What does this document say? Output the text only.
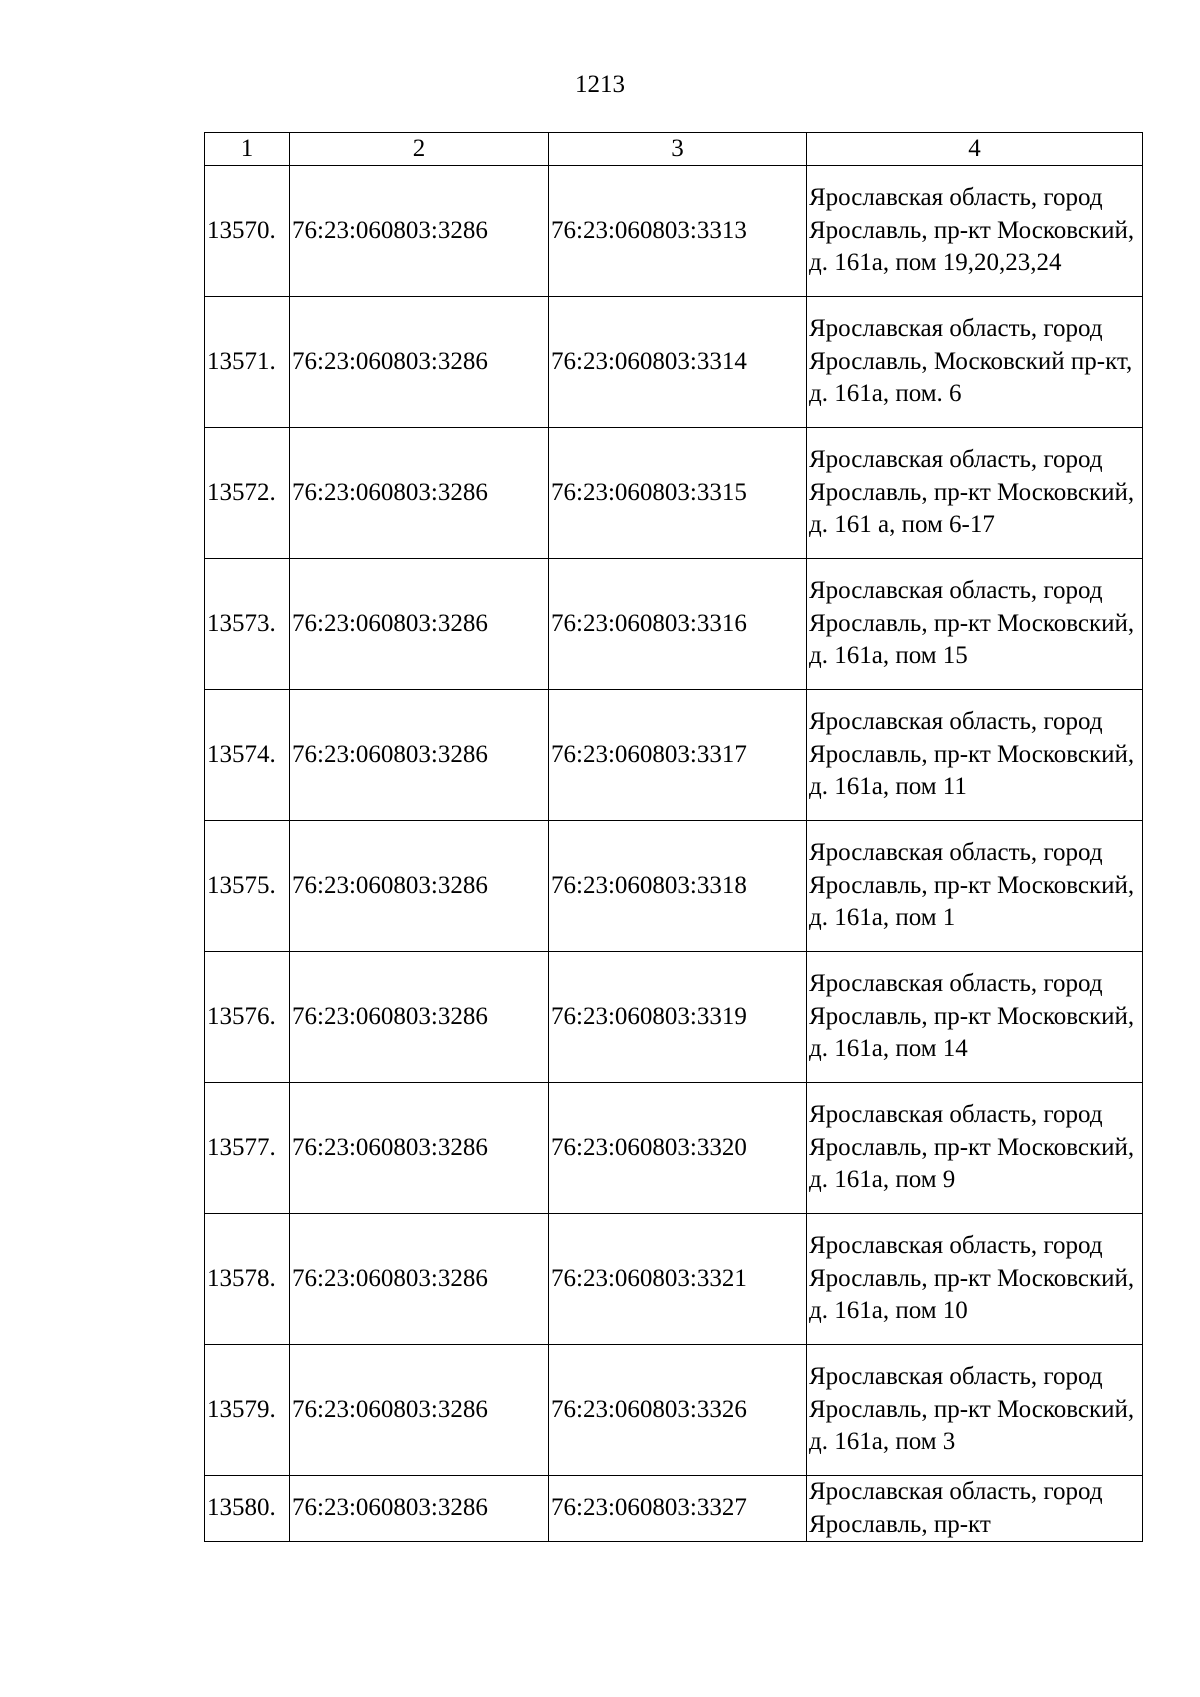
1213
1	2	3	4
13570.	76:23:060803:3286	76:23:060803:3313	Ярославская область, город Ярославль, пр-кт Московский, д. 161а, пом 19,20,23,24
13571.	76:23:060803:3286	76:23:060803:3314	Ярославская область, город Ярославль, Московский пр-кт, д. 161а, пом. 6
13572.	76:23:060803:3286	76:23:060803:3315	Ярославская область, город Ярославль, пр-кт Московский, д. 161 а, пом 6-17
13573.	76:23:060803:3286	76:23:060803:3316	Ярославская область, город Ярославль, пр-кт Московский, д. 161а, пом 15
13574.	76:23:060803:3286	76:23:060803:3317	Ярославская область, город Ярославль, пр-кт Московский, д. 161а, пом 11
13575.	76:23:060803:3286	76:23:060803:3318	Ярославская область, город Ярославль, пр-кт Московский, д. 161а, пом 1
13576.	76:23:060803:3286	76:23:060803:3319	Ярославская область, город Ярославль, пр-кт Московский, д. 161а, пом 14
13577.	76:23:060803:3286	76:23:060803:3320	Ярославская область, город Ярославль, пр-кт Московский, д. 161а, пом 9
13578.	76:23:060803:3286	76:23:060803:3321	Ярославская область, город Ярославль, пр-кт Московский, д. 161а, пом 10
13579.	76:23:060803:3286	76:23:060803:3326	Ярославская область, город Ярославль, пр-кт Московский, д. 161а, пом 3
13580.	76:23:060803:3286	76:23:060803:3327	Ярославская область, город Ярославль, пр-кт
